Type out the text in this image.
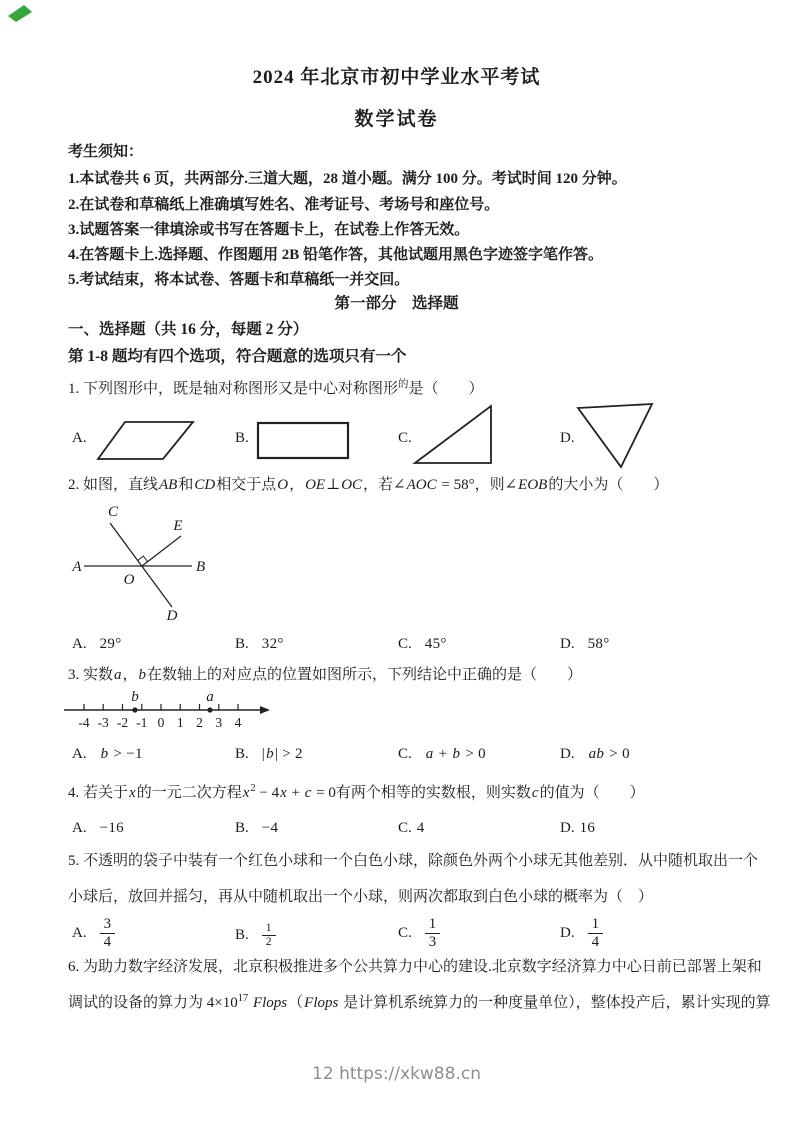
2024 年北京市初中学业水平考试
数学试卷
考生须知：
1.本试卷共 6 页，共两部分.三道大题，28 道小题。满分 100 分。考试时间 120 分钟。
2.在试卷和草稿纸上准确填写姓名、准考证号、考场号和座位号。
3.试题答案一律填涂或书写在答题卡上，在试卷上作答无效。
4.在答题卡上.选择题、作图题用 2B 铅笔作答，其他试题用黑色字迹签字笔作答。
5.考试结束，将本试卷、答题卡和草稿纸一并交回。
第一部分　选择题
一、选择题（共 16 分，每题 2 分）
第 1-8 题均有四个选项，符合题意的选项只有一个
1. 下列图形中，既是轴对称图形又是中心对称图形$^的$是（　　）
A.	B.	C.	D.
2. 如图，直线AB和CD相交于点O，OE⊥OC，若∠AOC = 58°，则∠EOB的大小为（　　）
A	B
C
D
E
O
A. 29°	B. 32°	C. 45°	D. 58°
3. 实数a，b在数轴上的对应点的位置如图所示，下列结论中正确的是（　　）
-4 -3 -2 -1 0 1 2 3 4
b	a
A. b > −1	B. |b| > 2	C. a + b > 0	D. ab > 0
4. 若关于x的一元二次方程$x^2 - 4x + c = 0$有两个相等的实数根，则实数c的值为（　　）
A. −16	B. −4	C. 4	D. 16
5. 不透明的袋子中装有一个红色小球和一个白色小球，除颜色外两个小球无其他差别．从中随机取出一个
小球后，放回并摇匀，再从中随机取出一个小球，则两次都取到白色小球的概率为（　）
A. $\frac{3}{4}$	B. $\frac{1}{2}$	C. $\frac{1}{3}$	D. $\frac{1}{4}$
6. 为助力数字经济发展，北京积极推进多个公共算力中心的建设.北京数字经济算力中心日前已部署上架和
调试的设备的算力为 $4\times 10^{17}$ Flops（Flops 是计算机系统算力的一种度量单位），整体投产后，累计实现的算
12 https://xkw88.cn
